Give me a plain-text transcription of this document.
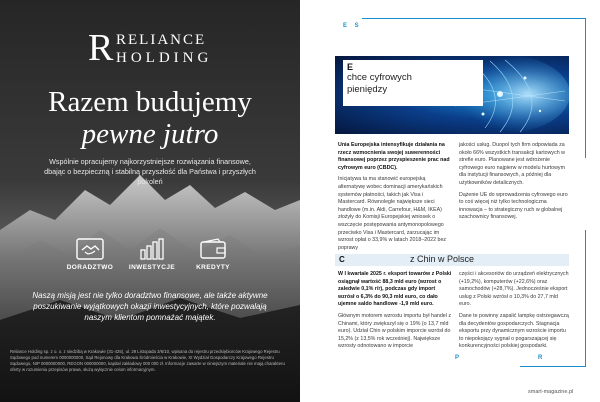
R RELIANCE
HOLDING
Razem budujemy
pewne jutro
Wspólnie opracujemy najkorzystniejsze rozwiązania finansowe, dbając o bezpieczną i stabilną przyszłość dla Państwa i przyszłych pokoleń
DORADZTWO	INWESTYCJE	KREDYTY
Naszą misją jest nie tylko doradztwo finansowe, ale także aktywne poszukiwanie wyjątkowych okazji inwestycyjnych, które pozwalają naszym klientom pomnażać majątek.
Reliance Holding sp. z o. o. z siedzibą w Krakowie (31-425), ul. 29 Listopada 3/6/10, wpisana do rejestru przedsiębiorców Krajowego Rejestru Sądowego pod numerem 0000000000, Sąd Rejonowy dla Krakowa Śródmieścia w Krakowie, XI Wydział Gospodarczy Krajowego Rejestru Sądowego, NIP 0000000000, REGON 000000000, kapitał zakładowy 000 000 zł. Informacje zawarte w niniejszym materiale nie mają charakteru oferty w rozumieniu przepisów prawa, służą wyłącznie celom informacyjnym.
E S
E
chce cyfrowych
pieniędzy

Unia Europejska intensyfikuje działania na rzecz wzmocnienia swojej suwerenności finansowej poprzez przyspieszenie prac nad cyfrowym euro (CBDC).

Inicjatywa ta ma stanowić europejską alternatywę wobec dominacji amerykańskich systemów płatności, takich jak Visa i Mastercard. Równolegle największe sieci handlowe (m.in. Aldi, Carrefour, H&M, IKEA) złożyły do Komisji Europejskiej wniosek o wszczęcie postępowania antymonopolowego przeciwko Visa i Mastercard, zarzucając im wzrost opłat o 33,9% w latach 2018–2022 bez poprawy

jakości usług. Duopol tych firm odpowiada za około 66% wszystkich transakcji kartowych w strefie euro. Planowane jest wdrożenie cyfrowego euro najpierw w modelu hurtowym dla instytucji finansowych, a później dla użytkowników detalicznych.

Dążenie UE do wprowadzenia cyfrowego euro to coś więcej niż tylko technologiczna innowacja – to strategiczny ruch w globalnej szachownicy finansowej.

C	z Chin w Polsce

W I kwartale 2025 r. eksport towarów z Polski osiągnął wartość 88,3 mld euro (wzrost o zaledwie 0,1% r/r), podczas gdy import wzrósł o 6,3% do 90,3 mld euro, co dało ujemne saldo handlowe -1,9 mld euro.

Głównym motorem wzrostu importu był handel z Chinami, który zwiększył się o 19% (o 13,7 mld euro). Udział Chin w polskim imporcie wzrósł do 15,2% (z 13,5% rok wcześniej). Największe wzrosty odnotowano w imporcie

części i akcesoriów do urządzeń elektrycznych (+19,2%), komputerów (+22,6%) oraz samochodów (+28,7%). Jednocześnie eksport usług z Polski wzrósł o 10,3% do 27,7 mld euro.

Dane te powinny zapalić lampkę ostrzegawczą dla decydentów gospodarczych. Stagnacja eksportu przy dynamicznym wzroście importu to niepokojący sygnał o pogarszającej się konkurencyjności polskiej gospodarki.

P	R
smart-magazine.pl
